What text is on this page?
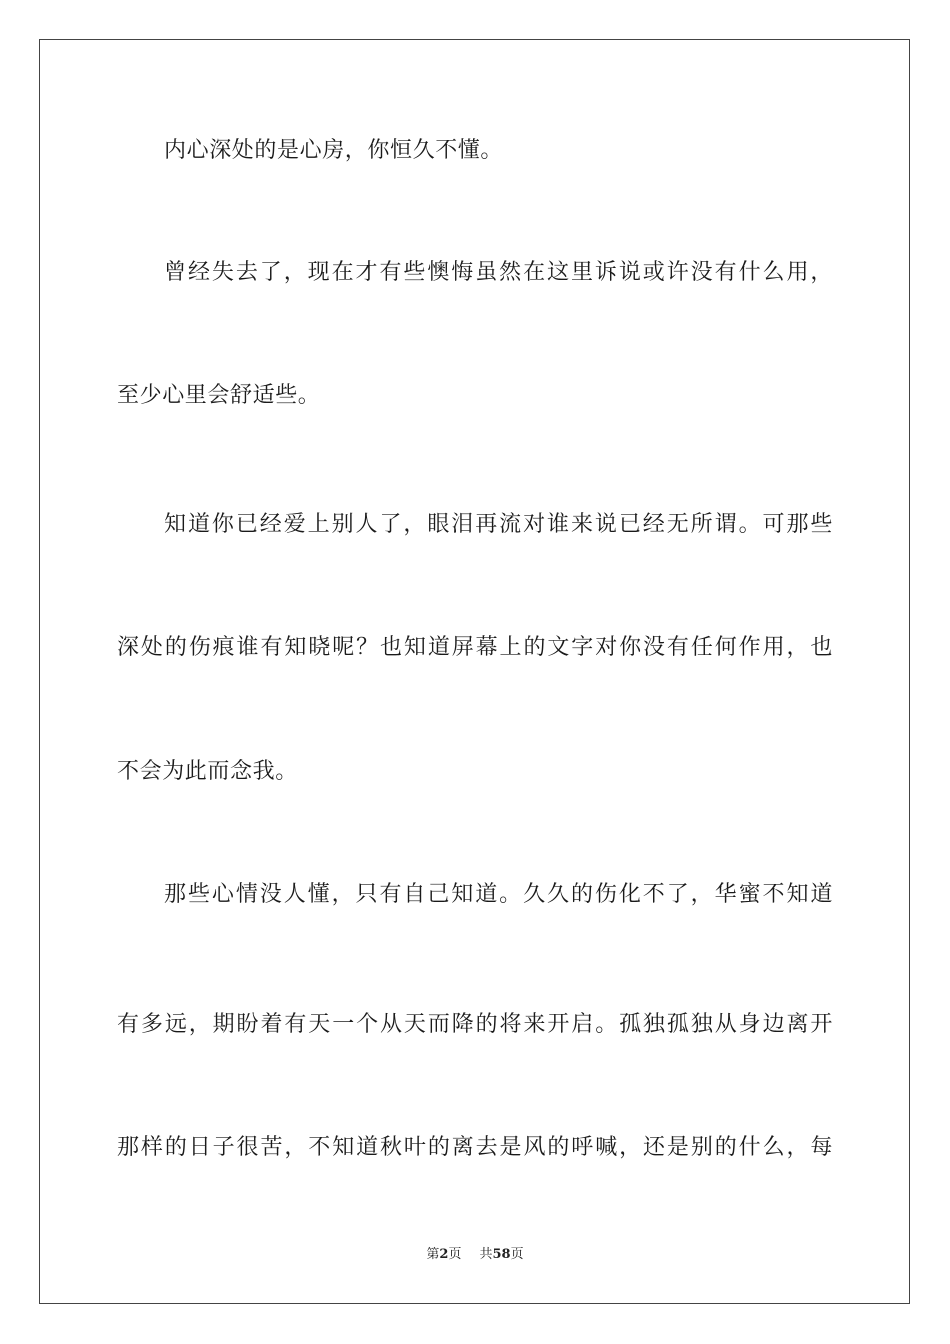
内心深处的是心房，你恒久不懂。
曾经失去了，现在才有些懊悔虽然在这里诉说或许没有什么用，
至少心里会舒适些。
知道你已经爱上别人了，眼泪再流对谁来说已经无所谓。可那些
深处的伤痕谁有知晓呢？也知道屏幕上的文字对你没有任何作用，也
不会为此而念我。
那些心情没人懂，只有自己知道。久久的伤化不了，华蜜不知道
有多远，期盼着有天一个从天而降的将来开启。孤独孤独从身边离开
那样的日子很苦，不知道秋叶的离去是风的呼喊，还是别的什么，每
第2页 共58页
